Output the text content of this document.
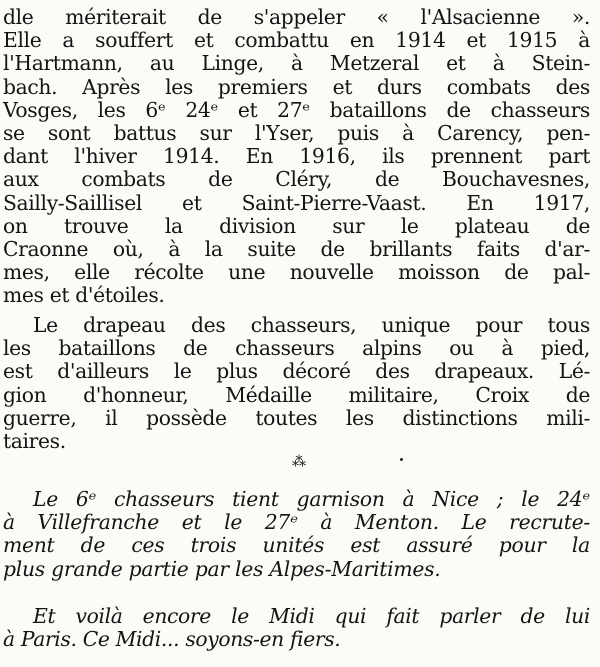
dle mériterait de s'appeler « l'Alsacienne ».
Elle a souffert et combattu en 1914 et 1915 à
l'Hartmann, au Linge, à Metzeral et à Stein-
bach. Après les premiers et durs combats des
Vosges, les 6ᵉ 24ᵉ et 27ᵉ bataillons de chasseurs
se sont battus sur l'Yser, puis à Carency, pen-
dant l'hiver 1914. En 1916, ils prennent part
aux combats de Cléry, de Bouchavesnes,
Sailly-Saillisel et Saint-Pierre-Vaast. En 1917,
on trouve la division sur le plateau de
Craonne où, à la suite de brillants faits d'ar-
mes, elle récolte une nouvelle moisson de pal-
mes et d'étoiles.
Le drapeau des chasseurs, unique pour tous
les bataillons de chasseurs alpins ou à pied,
est d'ailleurs le plus décoré des drapeaux. Lé-
gion d'honneur, Médaille militaire, Croix de
guerre, il possède toutes les distinctions mili-
taires.
⁂
Le 6ᵉ chasseurs tient garnison à Nice ; le 24ᵉ
à Villefranche et le 27ᵉ à Menton. Le recrute-
ment de ces trois unités est assuré pour la
plus grande partie par les Alpes-Maritimes.
Et voilà encore le Midi qui fait parler de lui
à Paris. Ce Midi... soyons-en fiers.
